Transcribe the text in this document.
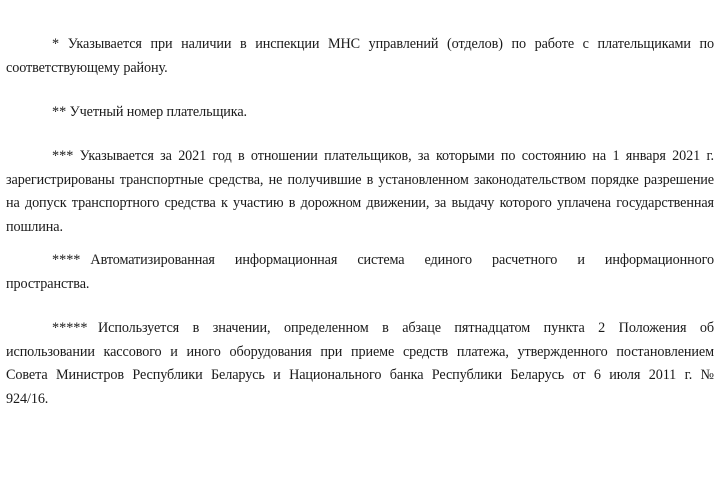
* Указывается при наличии в инспекции МНС управлений (отделов) по работе с плательщиками по соответствующему району.

** Учетный номер плательщика.

*** Указывается за 2021 год в отношении плательщиков, за которыми по состоянию на 1 января 2021 г. зарегистрированы транспортные средства, не получившие в установленном законодательством порядке разрешение на допуск транспортного средства к участию в дорожном движении, за выдачу которого уплачена государственная пошлина.

**** Автоматизированная информационная система единого расчетного и информационного пространства.

***** Используется в значении, определенном в абзаце пятнадцатом пункта 2 Положения об использовании кассового и иного оборудования при приеме средств платежа, утвержденного постановлением Совета Министров Республики Беларусь и Национального банка Республики Беларусь от 6 июля 2011 г. № 924/16.
